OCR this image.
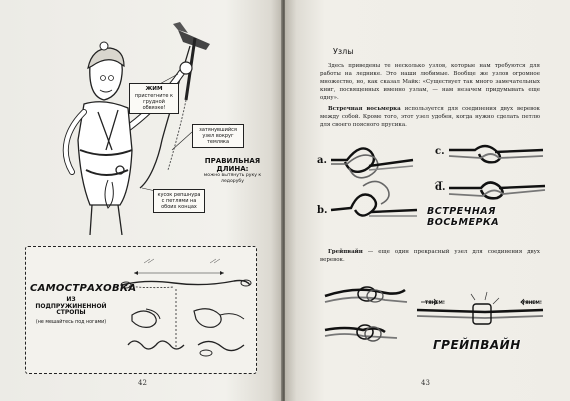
ЖИМ
пристегните к грудной обвязке!
затянувшийся узел вокруг темляка
ПРАВИЛЬНАЯ ДЛИНА:
можно вытянуть руку к ледорубу
кусок репшнура с петлями на обоих концах
САМОСТРАХОВКА
ИЗ ПОДПРУЖИНЕННОЙ
СТРОПЫ
(не мешайтесь под ногами)
42
Узлы
Здесь приведены те несколько узлов, которые нам требуются для работы на леднике. Это наши любимые. Вообще же узлов огромное множество, но, как сказал Майк: «Существует так много замечательных книг, посвященных именно узлам, — нам незачем придумывать еще одну».
Встречная восьмерка используется для соединения двух веревок между собой. Кроме того, этот узел удобен, когда нужно сделать петлю для своего поясного прусика.
a.
b.
c.
d.
ВСТРЕЧНАЯ ВОСЬМЕРКА
Грейпвайн — еще один прекрасный узел для соединения двух веревок.
ТЯНЕМ!	ТЯНЕМ!
ГРЕЙПВАЙН
43
